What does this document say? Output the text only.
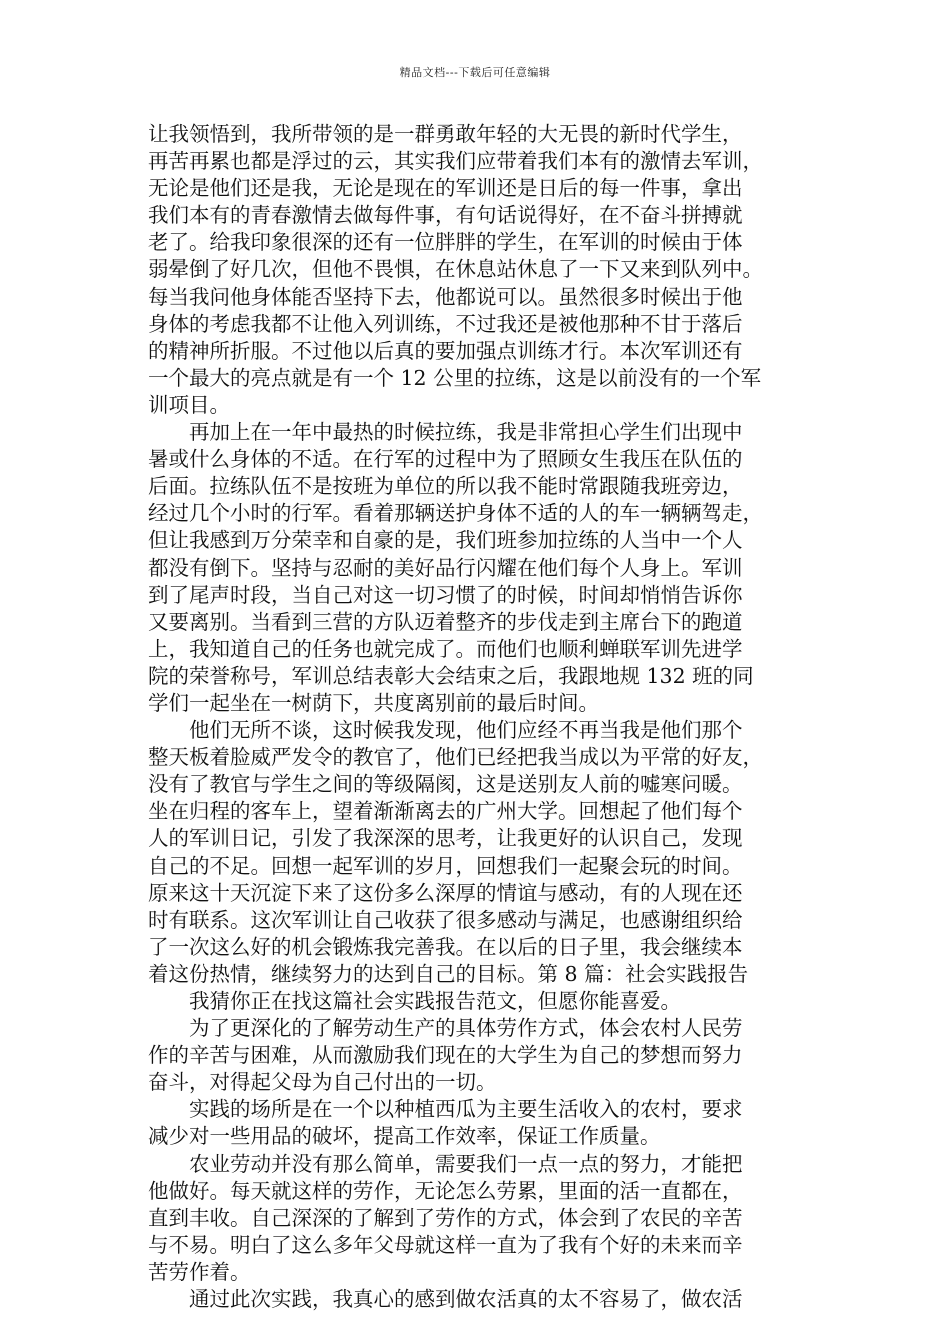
精品文档---下载后可任意编辑
让我领悟到，我所带领的是一群勇敢年轻的大无畏的新时代学生，
再苦再累也都是浮过的云，其实我们应带着我们本有的激情去军训，
无论是他们还是我，无论是现在的军训还是日后的每一件事，拿出
我们本有的青春激情去做每件事，有句话说得好，在不奋斗拼搏就
老了。给我印象很深的还有一位胖胖的学生，在军训的时候由于体
弱晕倒了好几次，但他不畏惧，在休息站休息了一下又来到队列中。
每当我问他身体能否坚持下去，他都说可以。虽然很多时候出于他
身体的考虑我都不让他入列训练，不过我还是被他那种不甘于落后
的精神所折服。不过他以后真的要加强点训练才行。本次军训还有
一个最大的亮点就是有一个 12 公里的拉练，这是以前没有的一个军
训项目。
再加上在一年中最热的时候拉练，我是非常担心学生们出现中
暑或什么身体的不适。在行军的过程中为了照顾女生我压在队伍的
后面。拉练队伍不是按班为单位的所以我不能时常跟随我班旁边，
经过几个小时的行军。看着那辆送护身体不适的人的车一辆辆驾走，
但让我感到万分荣幸和自豪的是，我们班参加拉练的人当中一个人
都没有倒下。坚持与忍耐的美好品行闪耀在他们每个人身上。军训
到了尾声时段，当自己对这一切习惯了的时候，时间却悄悄告诉你
又要离别。当看到三营的方队迈着整齐的步伐走到主席台下的跑道
上，我知道自己的任务也就完成了。而他们也顺利蝉联军训先进学
院的荣誉称号，军训总结表彰大会结束之后，我跟地规 132 班的同
学们一起坐在一树荫下，共度离别前的最后时间。
他们无所不谈，这时候我发现，他们应经不再当我是他们那个
整天板着脸威严发令的教官了，他们已经把我当成以为平常的好友，
没有了教官与学生之间的等级隔阂，这是送别友人前的嘘寒问暖。
坐在归程的客车上，望着渐渐离去的广州大学。回想起了他们每个
人的军训日记，引发了我深深的思考，让我更好的认识自己，发现
自己的不足。回想一起军训的岁月，回想我们一起聚会玩的时间。
原来这十天沉淀下来了这份多么深厚的情谊与感动，有的人现在还
时有联系。这次军训让自己收获了很多感动与满足，也感谢组织给
了一次这么好的机会锻炼我完善我。在以后的日子里，我会继续本
着这份热情，继续努力的达到自己的目标。第 8 篇：社会实践报告
我猜你正在找这篇社会实践报告范文，但愿你能喜爱。
为了更深化的了解劳动生产的具体劳作方式，体会农村人民劳
作的辛苦与困难，从而激励我们现在的大学生为自己的梦想而努力
奋斗，对得起父母为自己付出的一切。
实践的场所是在一个以种植西瓜为主要生活收入的农村，要求
减少对一些用品的破坏，提高工作效率，保证工作质量。
农业劳动并没有那么简单，需要我们一点一点的努力，才能把
他做好。每天就这样的劳作，无论怎么劳累，里面的活一直都在，
直到丰收。自己深深的了解到了劳作的方式，体会到了农民的辛苦
与不易。明白了这么多年父母就这样一直为了我有个好的未来而辛
苦劳作着。
通过此次实践，我真心的感到做农活真的太不容易了，做农活
